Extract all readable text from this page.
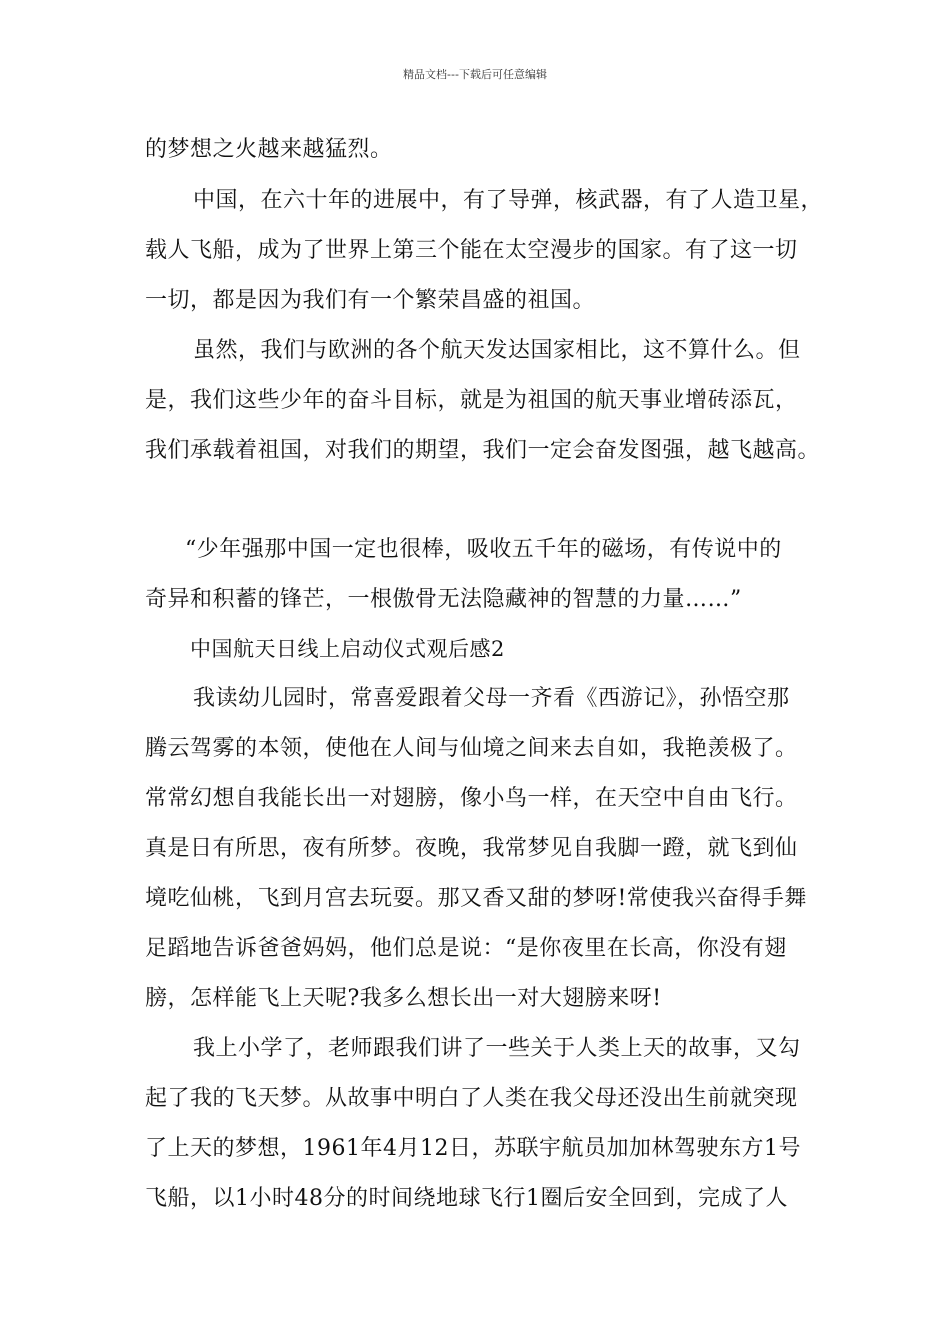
精品文档---下载后可任意编辑
的梦想之火越来越猛烈。
中国，在六十年的进展中，有了导弹，核武器，有了人造卫星，
载人飞船，成为了世界上第三个能在太空漫步的国家。有了这一切
一切，都是因为我们有一个繁荣昌盛的祖国。
虽然，我们与欧洲的各个航天发达国家相比，这不算什么。但
是，我们这些少年的奋斗目标，就是为祖国的航天事业增砖添瓦，
我们承载着祖国，对我们的期望，我们一定会奋发图强，越飞越高。
“少年强那中国一定也很棒，吸收五千年的磁场，有传说中的
奇异和积蓄的锋芒，一根傲骨无法隐藏神的智慧的力量……”
中国航天日线上启动仪式观后感2
我读幼儿园时，常喜爱跟着父母一齐看《西游记》，孙悟空那
腾云驾雾的本领，使他在人间与仙境之间来去自如，我艳羡极了。
常常幻想自我能长出一对翅膀，像小鸟一样，在天空中自由飞行。
真是日有所思，夜有所梦。夜晚，我常梦见自我脚一蹬，就飞到仙
境吃仙桃，飞到月宫去玩耍。那又香又甜的梦呀!常使我兴奋得手舞
足蹈地告诉爸爸妈妈，他们总是说：“是你夜里在长高，你没有翅
膀，怎样能飞上天呢?我多么想长出一对大翅膀来呀!
我上小学了，老师跟我们讲了一些关于人类上天的故事，又勾
起了我的飞天梦。从故事中明白了人类在我父母还没出生前就突现
了上天的梦想，1961年4月12日，苏联宇航员加加林驾驶东方1号
飞船，以1小时48分的时间绕地球飞行1圈后安全回到，完成了人
